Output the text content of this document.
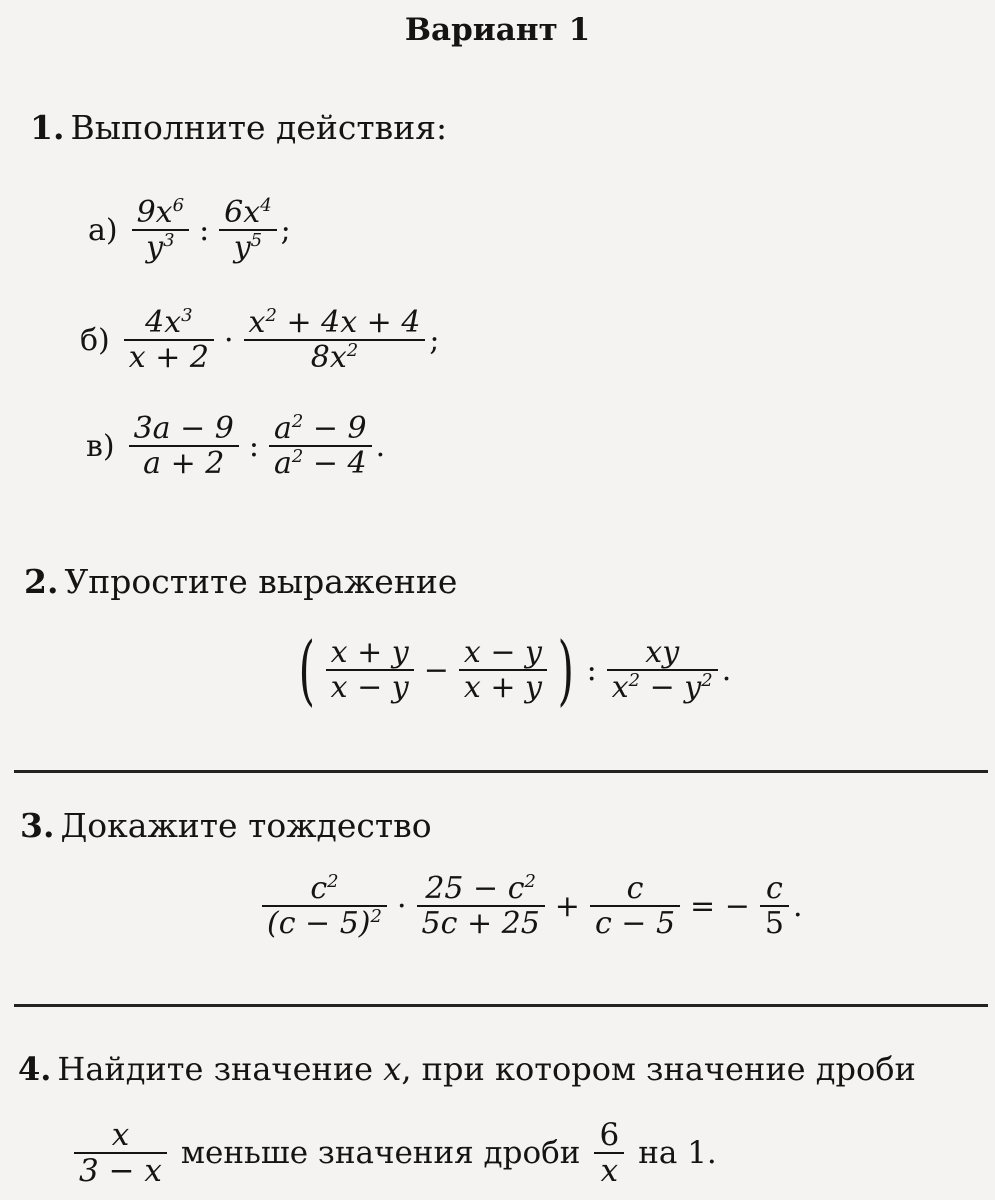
Вариант 1
1. Выполните действия:
$а) \frac{9x^6}{y^3}$ : $\frac{6x^4}{y^5}$ ;
$б) \frac{4x^3}{x + 2} \cdot \frac{x^2 + 4x + 4}{8x^2}$ ;
$в) \frac{3a - 9}{a + 2}$ : $\frac{a^2 - 9}{a^2 - 4}$ .
2. Упростите выражение
( $\frac{x + y}{x - y} - \frac{x - y}{x + y}$ ) : $\frac{xy}{x^2 - y^2}$ .
3. Докажите тождество
$\frac{c^2}{(c - 5)^2} \cdot \frac{25 - c^2}{5c + 25} + \frac{c}{c - 5}$ = − $\frac{c}{5}$ .
4. Найдите значение x, при котором значение дроби
$\frac{x}{3 - x}$ меньше значения дроби $\frac{6}{x}$ на 1.
